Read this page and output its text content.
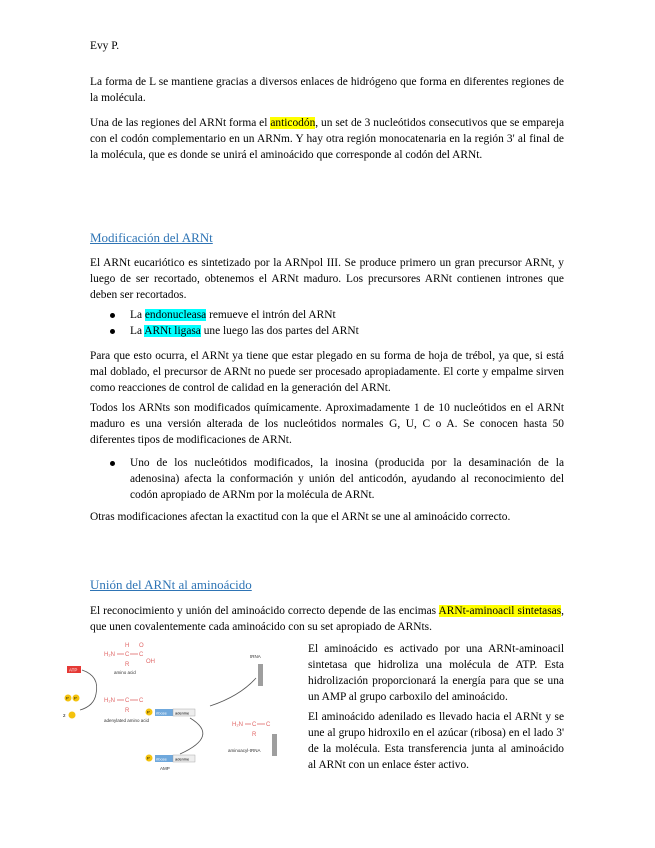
Evy P.

La forma de L se mantiene gracias a diversos enlaces de hidrógeno que forma en diferentes regiones de la molécula.

Una de las regiones del ARNt forma el anticodón, un set de 3 nucleótidos consecutivos que se empareja con el codón complementario en un ARNm. Y hay otra región monocatenaria en la región 3' al final de la molécula, que es donde se unirá el aminoácido que corresponde al codón del ARNt.

Modificación del ARNt

El ARNt eucariótico es sintetizado por la ARNpol III. Se produce primero un gran precursor ARNt, y luego de ser recortado, obtenemos el ARNt maduro. Los precursores ARNt contienen intrones que deben ser recortados.

La endonucleasa remueve el intrón del ARNt
La ARNt ligasa une luego las dos partes del ARNt

Para que esto ocurra, el ARNt ya tiene que estar plegado en su forma de hoja de trébol, ya que, si está mal doblado, el precursor de ARNt no puede ser procesado apropiadamente. El corte y empalme sirven como reacciones de control de calidad en la generación del ARNt.

Todos los ARNts son modificados químicamente. Aproximadamente 1 de 10 nucleótidos en el ARNt maduro es una versión alterada de los nucleótidos normales G, U, C o A. Se conocen hasta 50 diferentes tipos de modificaciones de ARNt.

Uno de los nucleótidos modificados, la inosina (producida por la desaminación de la adenosina) afecta la conformación y unión del anticodón, ayudando al reconocimiento del codón apropiado de ARNm por la molécula de ARNt.

Otras modificaciones afectan la exactitud con la que el ARNt se une al aminoácido correcto.

Unión del ARNt al aminoácido

El reconocimiento y unión del aminoácido correcto depende de las encimas ARNt-aminoacil sintetasas, que unen covalentemente cada aminoácido con su set apropiado de ARNts.

El aminoácido es activado por una ARNt-aminoacil sintetasa que hidroliza una molécula de ATP. Esta hidrolización proporcionará la energía para que se una un AMP al grupo carboxilo del aminoácido.

El aminoácido adenilado es llevado hacia el ARNt y se une al grupo hidroxilo en el azúcar (ribosa) en el lado 3' de la molécula. Esta transferencia junta al aminoácido al ARNt con un enlace éster activo.

H₂N C C
OH
O
H
R
amino acid
ATP
P P
2
H₂N C C
R	P ribose adenine
adenylated amino acid
tRNA
H₂N C C
R
aminoacyl-tRNA
P ribose adenine
AMP
